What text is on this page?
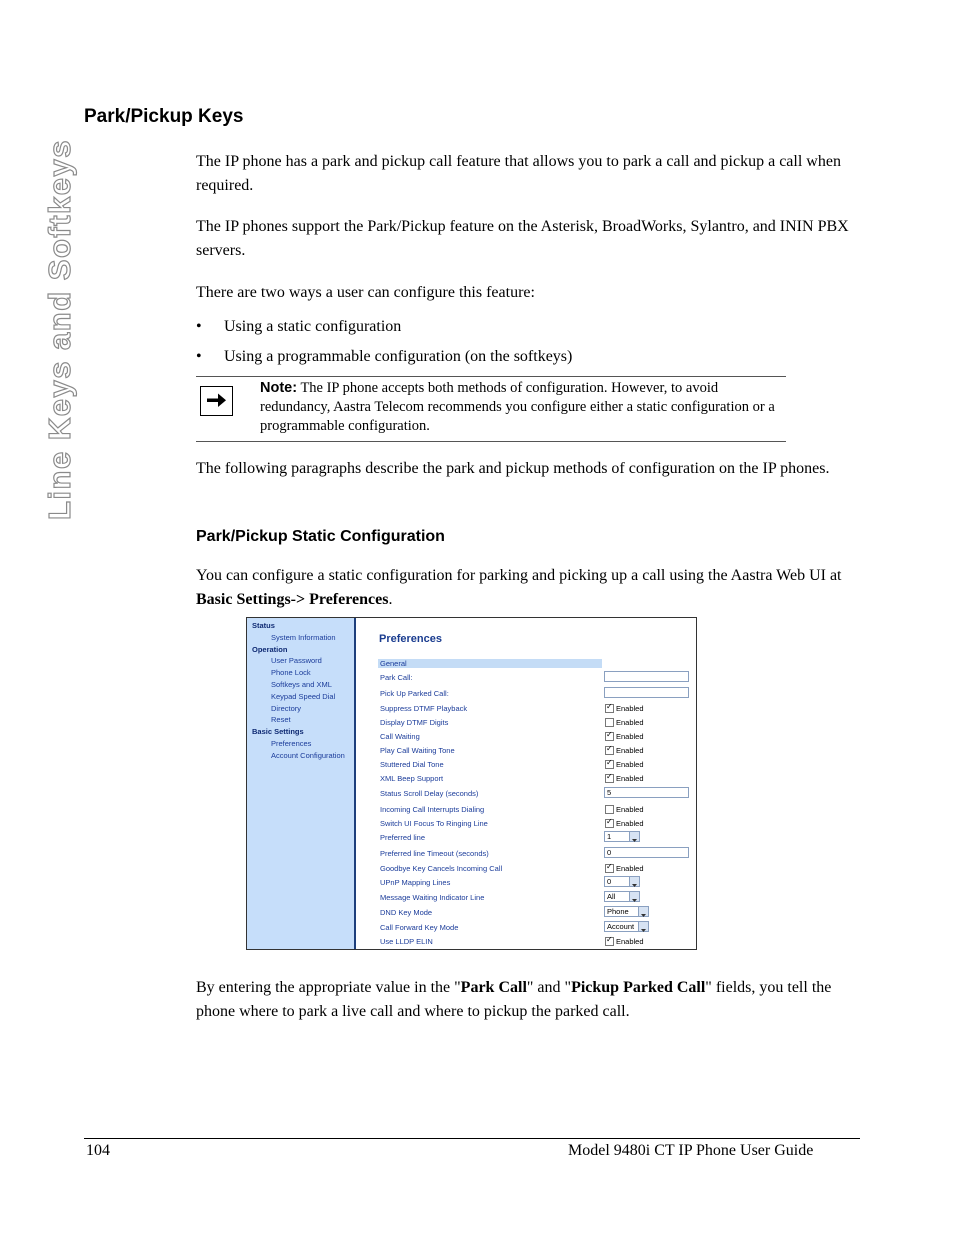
Line Keys and Softkeys
Park/Pickup Keys

The IP phone has a park and pickup call feature that allows you to park a call and pickup a call when required.

The IP phones support the Park/Pickup feature on the Asterisk, BroadWorks, Sylantro, and ININ PBX servers.

There are two ways a user can configure this feature:

• Using a static configuration
• Using a programmable configuration (on the softkeys)
Note: The IP phone accepts both methods of configuration. However, to avoid redundancy, Aastra Telecom recommends you configure either a static configuration or a programmable configuration.

The following paragraphs describe the park and pickup methods of configuration on the IP phones.

Park/Pickup Static Configuration

You can configure a static configuration for parking and picking up a call using the Aastra Web UI at Basic Settings-> Preferences.

Status
System Information
Operation
User Password
Phone Lock
Softkeys and XML
Keypad Speed Dial
Directory
Reset
Basic Settings
Preferences
Account Configuration
Preferences
General
Park Call:
Pick Up Parked Call:
Suppress DTMF Playback	✓ Enabled
Display DTMF Digits	Enabled
Call Waiting	✓ Enabled
Play Call Waiting Tone	✓ Enabled
Stuttered Dial Tone	✓ Enabled
XML Beep Support	✓ Enabled
Status Scroll Delay (seconds)	5
Incoming Call Interrupts Dialing	Enabled
Switch UI Focus To Ringing Line	✓ Enabled
Preferred line	1
Preferred line Timeout (seconds)	0
Goodbye Key Cancels Incoming Call	✓ Enabled
UPnP Mapping Lines	0
Message Waiting Indicator Line	All
DND Key Mode	Phone
Call Forward Key Mode	Account
Use LLDP ELIN	✓ Enabled

By entering the appropriate value in the "Park Call" and "Pickup Parked Call" fields, you tell the phone where to park a live call and where to pickup the parked call.

104	Model 9480i CT IP Phone User Guide
